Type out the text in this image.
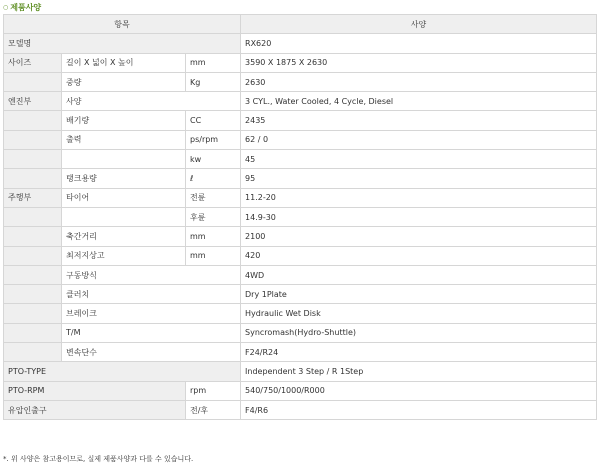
○ 제품사양
항목			사양
모델명			RX620
사이즈	길이 X 넓이 X 높이	mm	3590 X 1875 X 2630
	중량	Kg	2630
엔진부	사양		3 CYL., Water Cooled, 4 Cycle, Diesel
	배기량	CC	2435
	출력	ps/rpm	62 / 0
		kw	45
	탱크용량	ℓ	95
주행부	타이어	전륜	11.2-20
		후륜	14.9-30
	축간거리	mm	2100
	최저지상고	mm	420
	구동방식		4WD
	클러치		Dry 1Plate
	브레이크		Hydraulic Wet Disk
	T/M		Syncromash(Hydro-Shuttle)
	변속단수		F24/R24
PTO-TYPE			Independent 3 Step / R 1Step
PTO-RPM		rpm	540/750/1000/R000
유압인출구		전/후	F4/R6
*. 위 사양은 참고용이므로, 실제 제품사양과 다를 수 있습니다.
